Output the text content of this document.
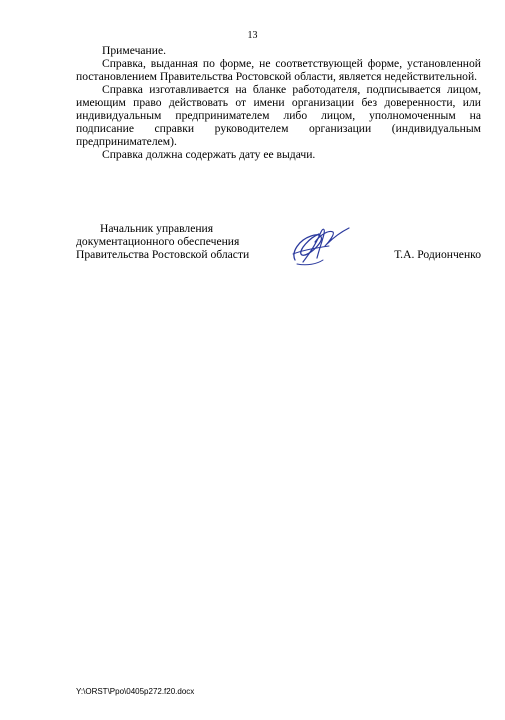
13

Примечание.

Справка, выданная по форме, не соответствующей форме, установленной постановлением Правительства Ростовской области, является недействительной.

Справка изготавливается на бланке работодателя, подписывается лицом, имеющим право действовать от имени организации без доверенности, или индивидуальным предпринимателем либо лицом, уполномоченным на подписание справки руководителем организации (индивидуальным предпринимателем).

Справка должна содержать дату ее выдачи.

Начальник управления
документационного обеспечения
Правительства Ростовской области	Т.А. Родионченко
Y:\ORST\Ppo\0405p272.f20.docx
